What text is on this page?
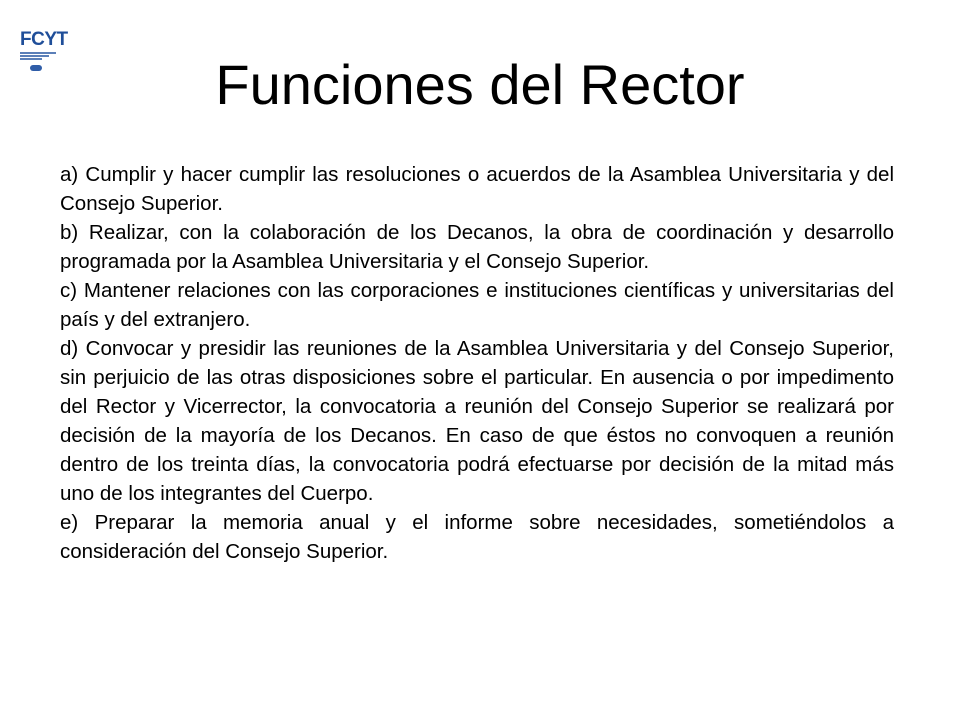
FCYT
Funciones del Rector

a) Cumplir y hacer cumplir las resoluciones o acuerdos de la Asamblea Universitaria y del Consejo Superior.

b) Realizar, con la colaboración de los Decanos, la obra de coordinación y desarrollo programada por la Asamblea Universitaria y el Consejo Superior.

c) Mantener relaciones con las corporaciones e instituciones científicas y universitarias del país y del extranjero.

d) Convocar y presidir las reuniones de la Asamblea Universitaria y del Consejo Superior, sin perjuicio de las otras disposiciones sobre el particular. En ausencia o por impedimento del Rector y Vicerrector, la convocatoria a reunión del Consejo Superior se realizará por decisión de la mayoría de los Decanos. En caso de que éstos no convoquen a reunión dentro de los treinta días, la convocatoria podrá efectuarse por decisión de la mitad más uno de los integrantes del Cuerpo.

e) Preparar la memoria anual y el informe sobre necesidades, sometiéndolos a consideración del Consejo Superior.
